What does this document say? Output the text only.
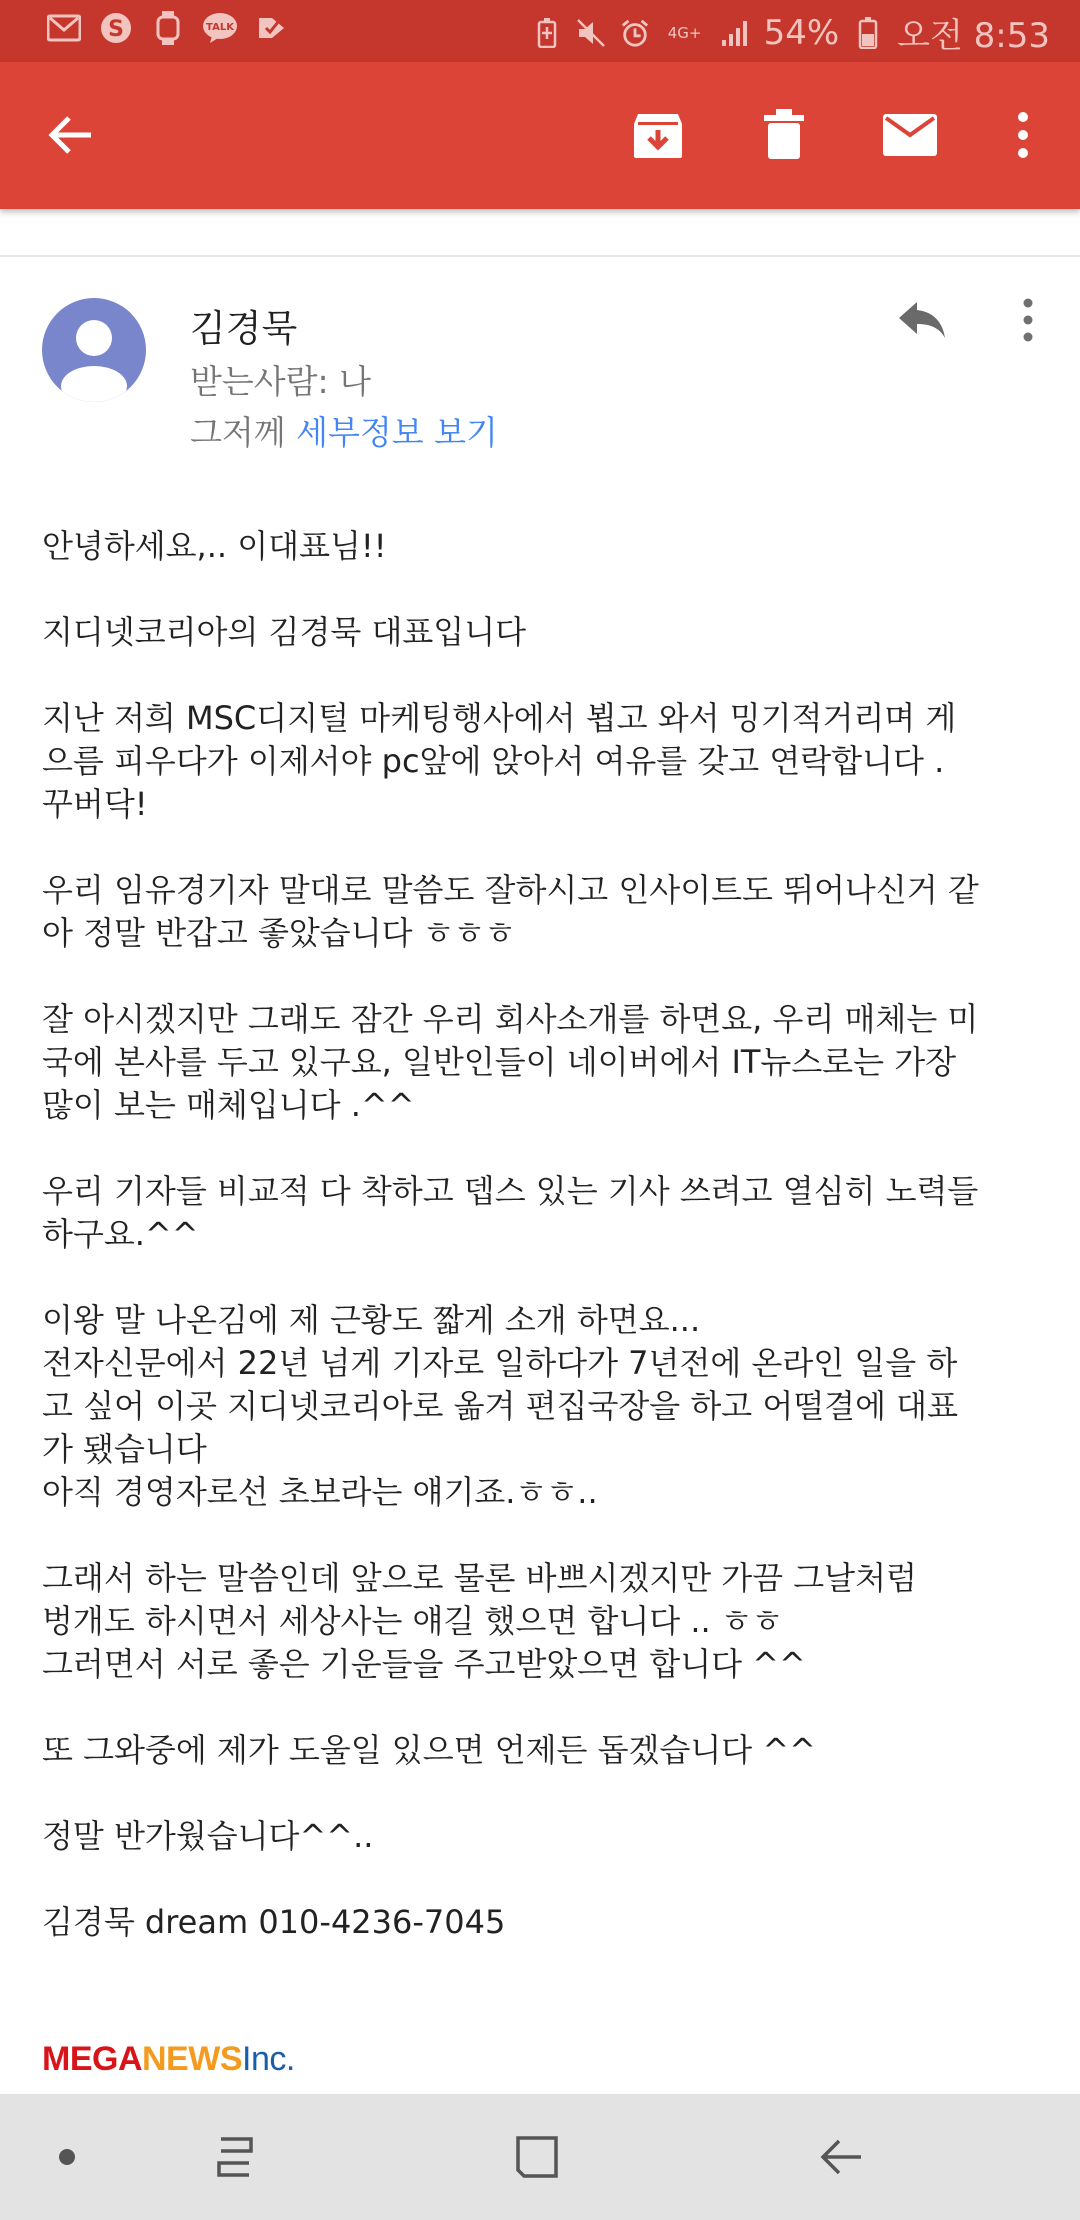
S	TALK	4G+ 54% 오전 8:53
김경묵
받는사람: 나
그저께 세부정보 보기

안녕하세요,.. 이대표님!!

지디넷코리아의 김경묵 대표입니다

지난 저희 MSC디지털 마케팅행사에서 뵙고 와서 밍기적거리며 게
으름 피우다가 이제서야 pc앞에 앉아서 여유를 갖고 연락합니다 .
꾸버닥!

우리 임유경기자 말대로 말씀도 잘하시고 인사이트도 뛰어나신거 같
아 정말 반갑고 좋았습니다 ㅎㅎㅎ

잘 아시겠지만 그래도 잠간 우리 회사소개를 하면요, 우리 매체는 미
국에 본사를 두고 있구요, 일반인들이 네이버에서 IT뉴스로는 가장
많이 보는 매체입니다 .^^

우리 기자들 비교적 다 착하고 뎁스 있는 기사 쓰려고 열심히 노력들
하구요.^^

이왕 말 나온김에 제 근황도 짧게 소개 하면요...
전자신문에서 22년 넘게 기자로 일하다가 7년전에 온라인 일을 하
고 싶어 이곳 지디넷코리아로 옮겨 편집국장을 하고 어떨결에 대표
가 됐습니다
아직 경영자로선 초보라는 얘기죠.ㅎㅎ..

그래서 하는 말씀인데 앞으로 물론 바쁘시겠지만 가끔 그날처럼
벙개도 하시면서 세상사는 얘길 했으면 합니다 .. ㅎㅎ
그러면서 서로 좋은 기운들을 주고받았으면 합니다 ^^

또 그와중에 제가 도울일 있으면 언제든 돕겠습니다 ^^

정말 반가웠습니다^^..

김경묵 dream 010-4236-7045

MEGANEWSInc.
